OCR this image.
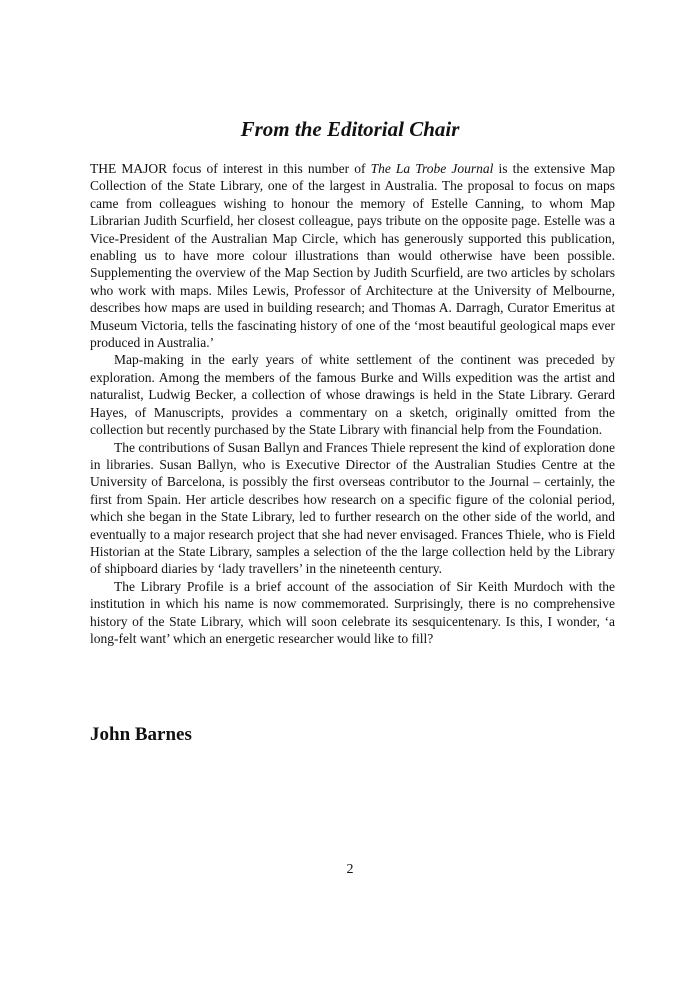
From the Editorial Chair

THE MAJOR focus of interest in this number of The La Trobe Journal is the extensive Map Collection of the State Library, one of the largest in Australia. The proposal to focus on maps came from colleagues wishing to honour the memory of Estelle Canning, to whom Map Librarian Judith Scurfield, her closest colleague, pays tribute on the opposite page. Estelle was a Vice-President of the Australian Map Circle, which has generously supported this publication, enabling us to have more colour illustrations than would otherwise have been possible. Supplementing the overview of the Map Section by Judith Scurfield, are two articles by scholars who work with maps. Miles Lewis, Professor of Architecture at the University of Melbourne, describes how maps are used in building research; and Thomas A. Darragh, Curator Emeritus at Museum Victoria, tells the fascinating history of one of the ‘most beautiful geological maps ever produced in Australia.’

Map-making in the early years of white settlement of the continent was preceded by exploration. Among the members of the famous Burke and Wills expedition was the artist and naturalist, Ludwig Becker, a collection of whose drawings is held in the State Library. Gerard Hayes, of Manuscripts, provides a commentary on a sketch, originally omitted from the collection but recently purchased by the State Library with financial help from the Foundation.

The contributions of Susan Ballyn and Frances Thiele represent the kind of exploration done in libraries. Susan Ballyn, who is Executive Director of the Australian Studies Centre at the University of Barcelona, is possibly the first overseas contributor to the Journal – certainly, the first from Spain. Her article describes how research on a specific figure of the colonial period, which she began in the State Library, led to further research on the other side of the world, and eventually to a major research project that she had never envisaged. Frances Thiele, who is Field Historian at the State Library, samples a selection of the the large collection held by the Library of shipboard diaries by ‘lady travellers’ in the nineteenth century.

The Library Profile is a brief account of the association of Sir Keith Murdoch with the institution in which his name is now commemorated. Surprisingly, there is no comprehensive history of the State Library, which will soon celebrate its sesquicentenary. Is this, I wonder, ‘a long-felt want’ which an energetic researcher would like to fill?

John Barnes

2
